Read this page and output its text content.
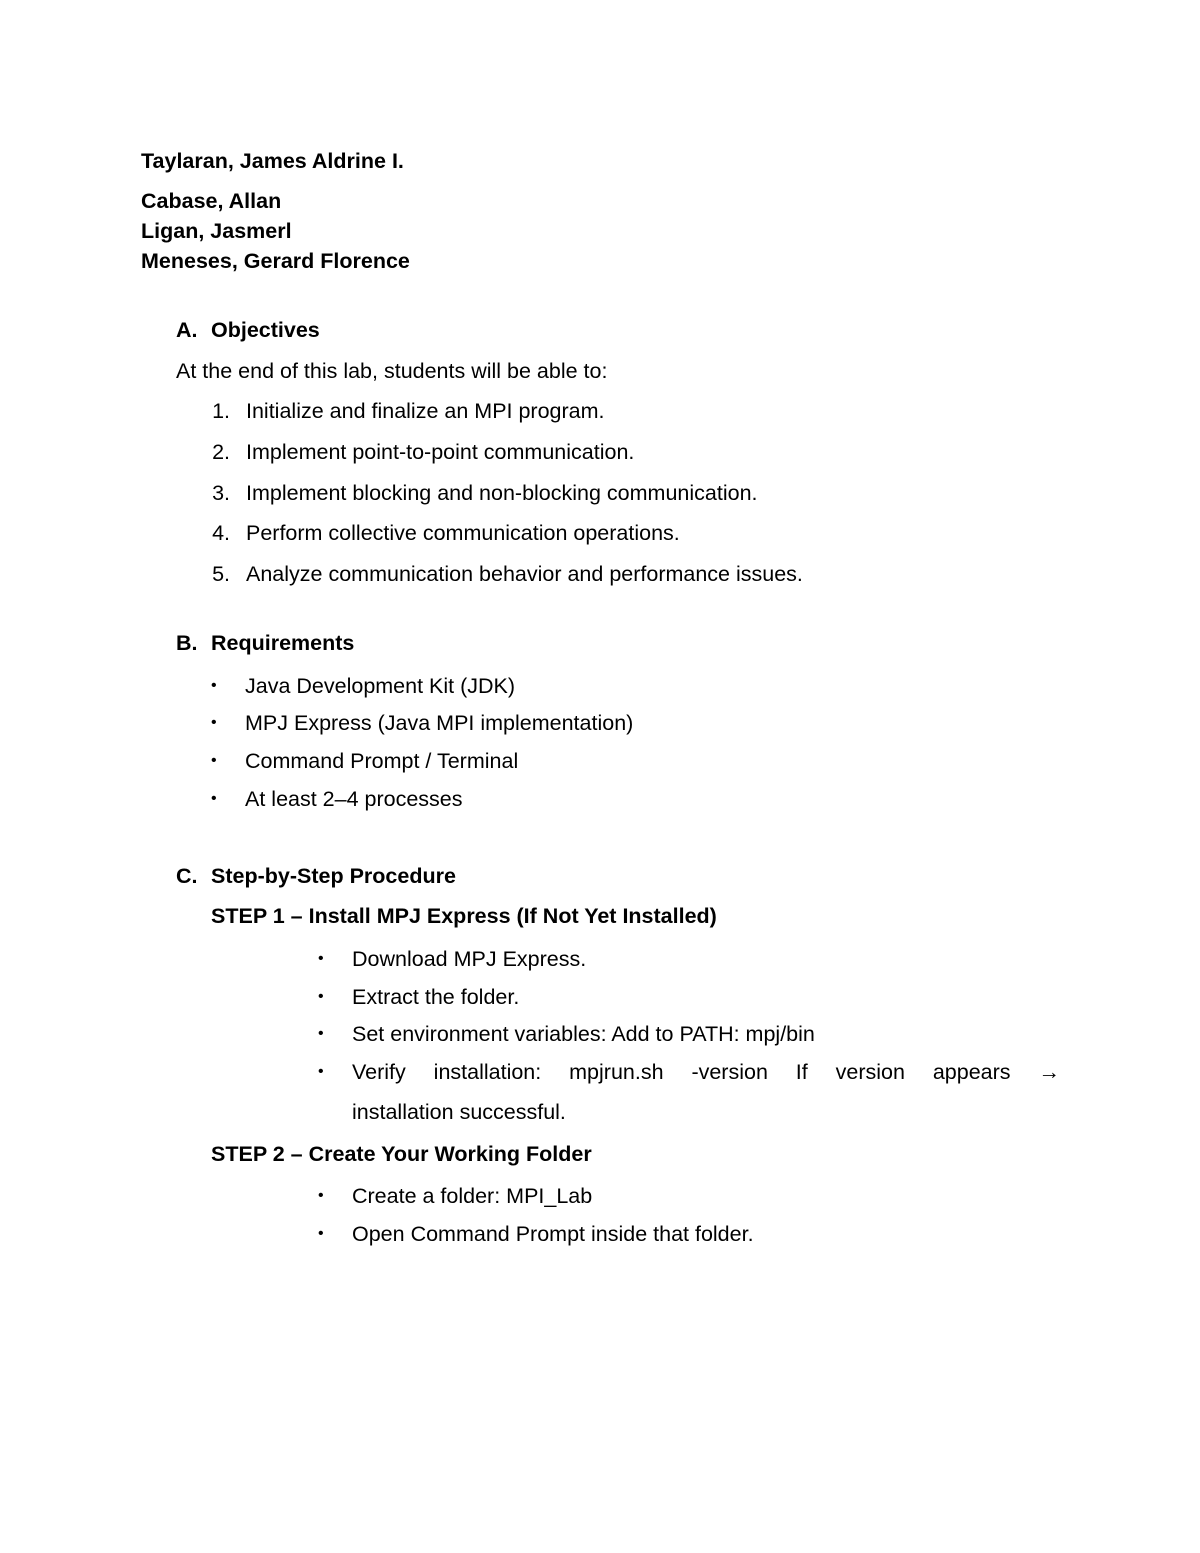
Taylaran, James Aldrine I.
Cabase, Allan
Ligan, Jasmerl
Meneses, Gerard Florence
A. Objectives
At the end of this lab, students will be able to:
1. Initialize and finalize an MPI program.
2. Implement point-to-point communication.
3. Implement blocking and non-blocking communication.
4. Perform collective communication operations.
5. Analyze communication behavior and performance issues.
B. Requirements
• Java Development Kit (JDK)
• MPJ Express (Java MPI implementation)
• Command Prompt / Terminal
• At least 2–4 processes
C. Step-by-Step Procedure
STEP 1 – Install MPJ Express (If Not Yet Installed)
• Download MPJ Express.
• Extract the folder.
• Set environment variables: Add to PATH: mpj/bin
• Verify installation: mpjrun.sh -version If version appears →
installation successful.
STEP 2 – Create Your Working Folder
• Create a folder: MPI_Lab
• Open Command Prompt inside that folder.
